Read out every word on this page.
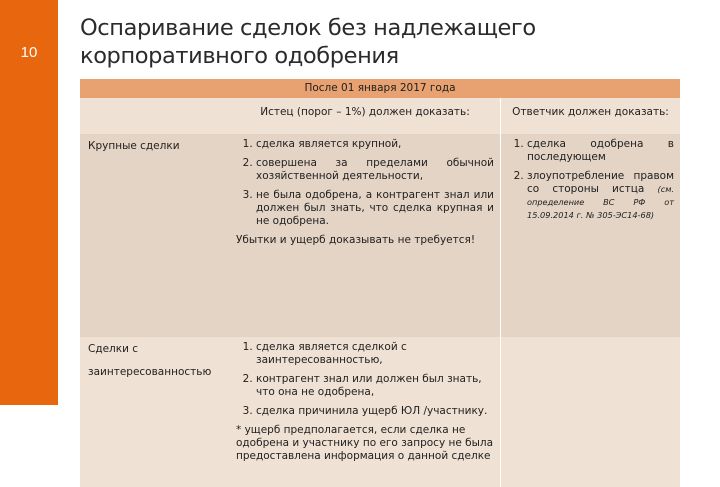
10
Оспаривание сделок без надлежащего корпоративного одобрения
После 01 января 2017 года
Истец (порог – 1%) должен доказать:	Ответчик должен доказать:
Крупные сделки
1.	сделка является крупной,
2. совершена за пределами обычной хозяйственной деятельности,
3. не была одобрена, а контрагент знал или должен был знать, что сделка крупная и не одобрена.
Убытки и ущерб доказывать не требуется!
1. сделка одобрена в последующем
2. злоупотребление правом со стороны истца (см. определение ВС РФ от 15.09.2014 г. № 305-ЭС14-68)
Сделки с
заинтересованностью
1. сделка является сделкой с заинтересованностью,
2. контрагент знал или должен был знать, что она не одобрена,
3. сделка причинила ущерб ЮЛ /участнику.
* ущерб предполагается, если сделка не одобрена и участнику по его запросу не была предоставлена информация о данной сделке
